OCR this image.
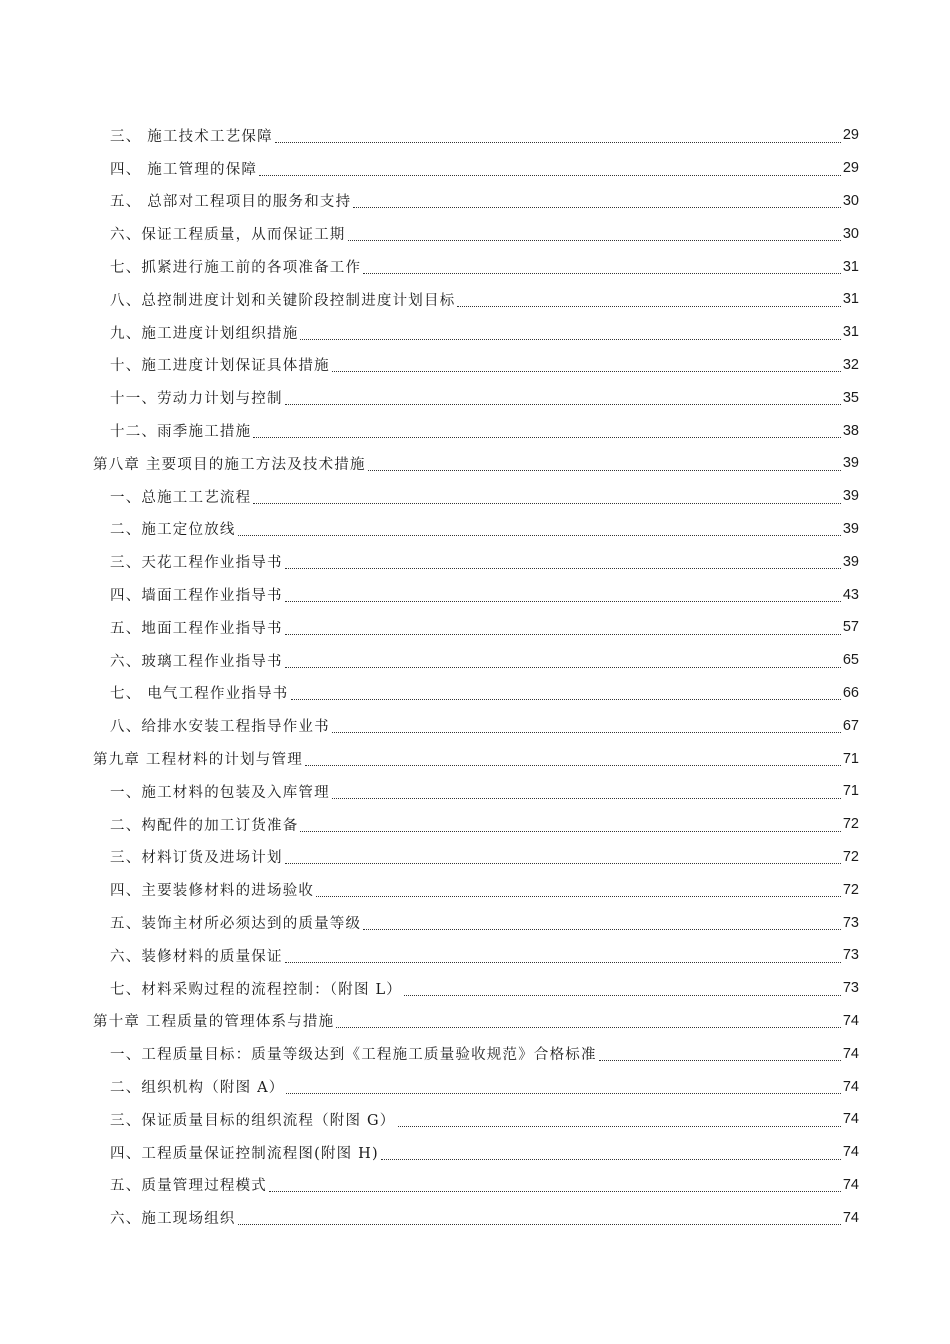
三、 施工技术工艺保障	29
四、 施工管理的保障	29
五、 总部对工程项目的服务和支持	30
六、保证工程质量，从而保证工期	30
七、抓紧进行施工前的各项准备工作	31
八、总控制进度计划和关键阶段控制进度计划目标	31
九、施工进度计划组织措施	31
十、施工进度计划保证具体措施	32
十一、劳动力计划与控制	35
十二、雨季施工措施	38
第八章 主要项目的施工方法及技术措施	39
一、总施工工艺流程	39
二、施工定位放线	39
三、天花工程作业指导书	39
四、墙面工程作业指导书	43
五、地面工程作业指导书	57
六、玻璃工程作业指导书	65
七、 电气工程作业指导书	66
八、给排水安装工程指导作业书	67
第九章 工程材料的计划与管理	71
一、施工材料的包装及入库管理	71
二、构配件的加工订货准备	72
三、材料订货及进场计划	72
四、主要装修材料的进场验收	72
五、装饰主材所必须达到的质量等级	73
六、装修材料的质量保证	73
七、材料采购过程的流程控制：（附图 L）	73
第十章 工程质量的管理体系与措施	74
一、工程质量目标：质量等级达到《工程施工质量验收规范》合格标准	74
二、组织机构（附图 A）	74
三、保证质量目标的组织流程（附图 G）	74
四、工程质量保证控制流程图(附图 H)	74
五、质量管理过程模式	74
六、施工现场组织	74
